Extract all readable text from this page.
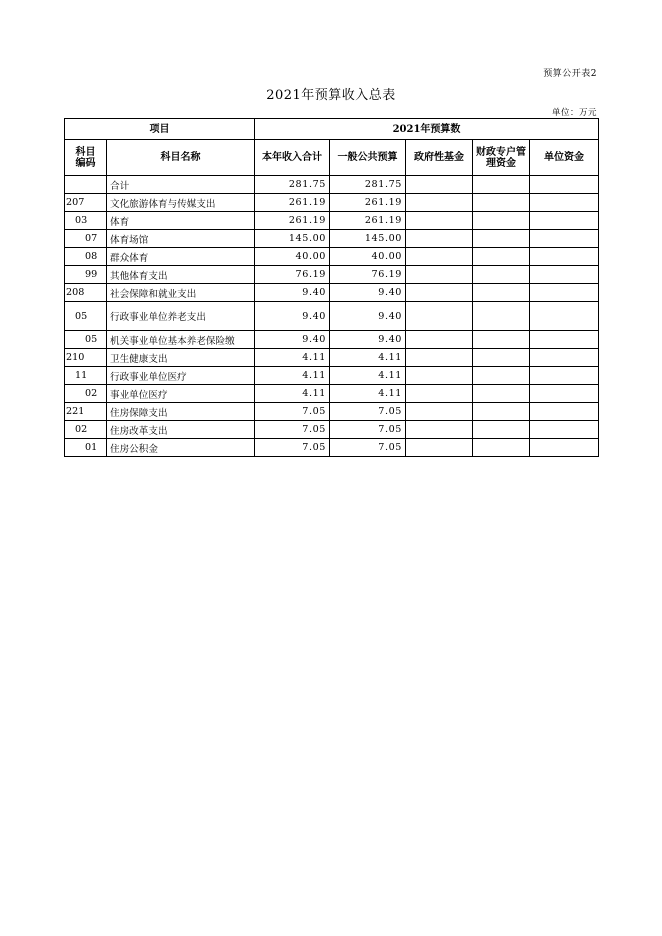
预算公开表2
2021年预算收入总表
单位：万元
项目		2021年预算数				

科目编码	科目名称	本年收入合计	一般公共预算	政府性基金	财政专户管理资金	单位资金
	合计	281.75	281.75			
207	文化旅游体育与传媒支出	261.19	261.19			
03	体育	261.19	261.19			
07	体育场馆	145.00	145.00			
08	群众体育	40.00	40.00			
99	其他体育支出	76.19	76.19			
208	社会保障和就业支出	9.40	9.40			
05	行政事业单位养老支出	9.40	9.40			
05	机关事业单位基本养老保险缴	9.40	9.40			
210	卫生健康支出	4.11	4.11			
11	行政事业单位医疗	4.11	4.11			
02	事业单位医疗	4.11	4.11			
221	住房保障支出	7.05	7.05			
02	住房改革支出	7.05	7.05			
01	住房公积金	7.05	7.05			
